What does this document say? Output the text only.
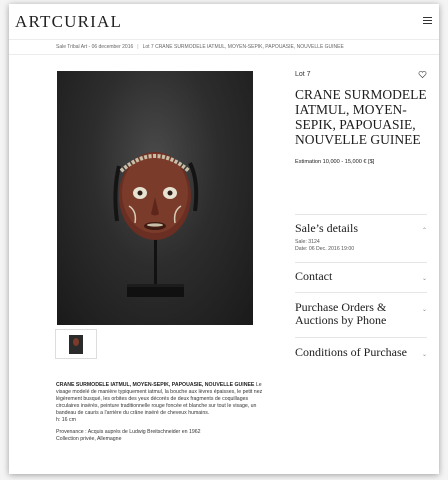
ARTCURIAL
Sale Tribal Art - 06 december 2016 | Lot 7 CRANE SURMODELE IATMUL, MOYEN-SEPIK, PAPOUASIE, NOUVELLE GUINEE

CRANE SURMODELE IATMUL, MOYEN-SEPIK, PAPOUASIE, NOUVELLE GUINEE Le visage modelé de manière typiquement iatmul, la bouche aux lèvres épaisses, le petit nez légèrement busqué, les orbites des yeux décorés de deux fragments de coquillages circulaires insérés, peinture traditionnelle rouge foncée et blanche sur tout le visage, un bandeau de cauris a l'arrière du crâne inséré de cheveux humains.
h: 16 cm

Provenance : Acquis auprès de Ludwig Breitschneider en 1962
Collection privée, Allemagne

Lot 7
CRANE SURMODELE IATMUL, MOYEN-SEPIK, PAPOUASIE, NOUVELLE GUINEE
Estimation 10,000 - 15,000 € [$]
Sale’s details	⌃
Sale: 3124
Date: 06 Dec. 2016 19:00
Contact	⌄
Purchase Orders & Auctions by Phone
⌄
Conditions of Purchase	⌄
